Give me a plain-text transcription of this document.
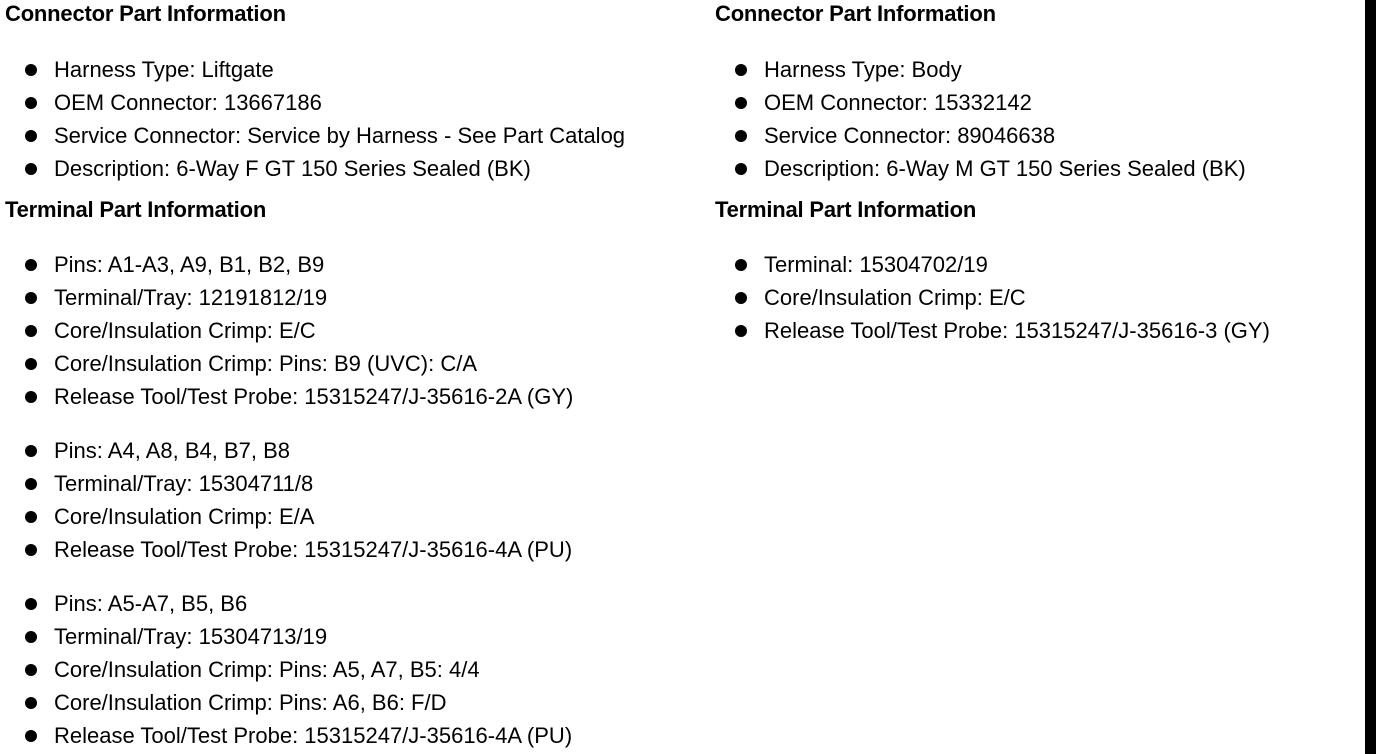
Connector Part Information
Harness Type: Liftgate
OEM Connector: 13667186
Service Connector: Service by Harness - See Part Catalog
Description: 6-Way F GT 150 Series Sealed (BK)
Terminal Part Information
Pins: A1-A3, A9, B1, B2, B9
Terminal/Tray: 12191812/19
Core/Insulation Crimp: E/C
Core/Insulation Crimp: Pins: B9 (UVC): C/A
Release Tool/Test Probe: 15315247/J-35616-2A (GY)
Pins: A4, A8, B4, B7, B8
Terminal/Tray: 15304711/8
Core/Insulation Crimp: E/A
Release Tool/Test Probe: 15315247/J-35616-4A (PU)
Pins: A5-A7, B5, B6
Terminal/Tray: 15304713/19
Core/Insulation Crimp: Pins: A5, A7, B5: 4/4
Core/Insulation Crimp: Pins: A6, B6: F/D
Release Tool/Test Probe: 15315247/J-35616-4A (PU)
Connector Part Information
Harness Type: Body
OEM Connector: 15332142
Service Connector: 89046638
Description: 6-Way M GT 150 Series Sealed (BK)
Terminal Part Information
Terminal: 15304702/19
Core/Insulation Crimp: E/C
Release Tool/Test Probe: 15315247/J-35616-3 (GY)
